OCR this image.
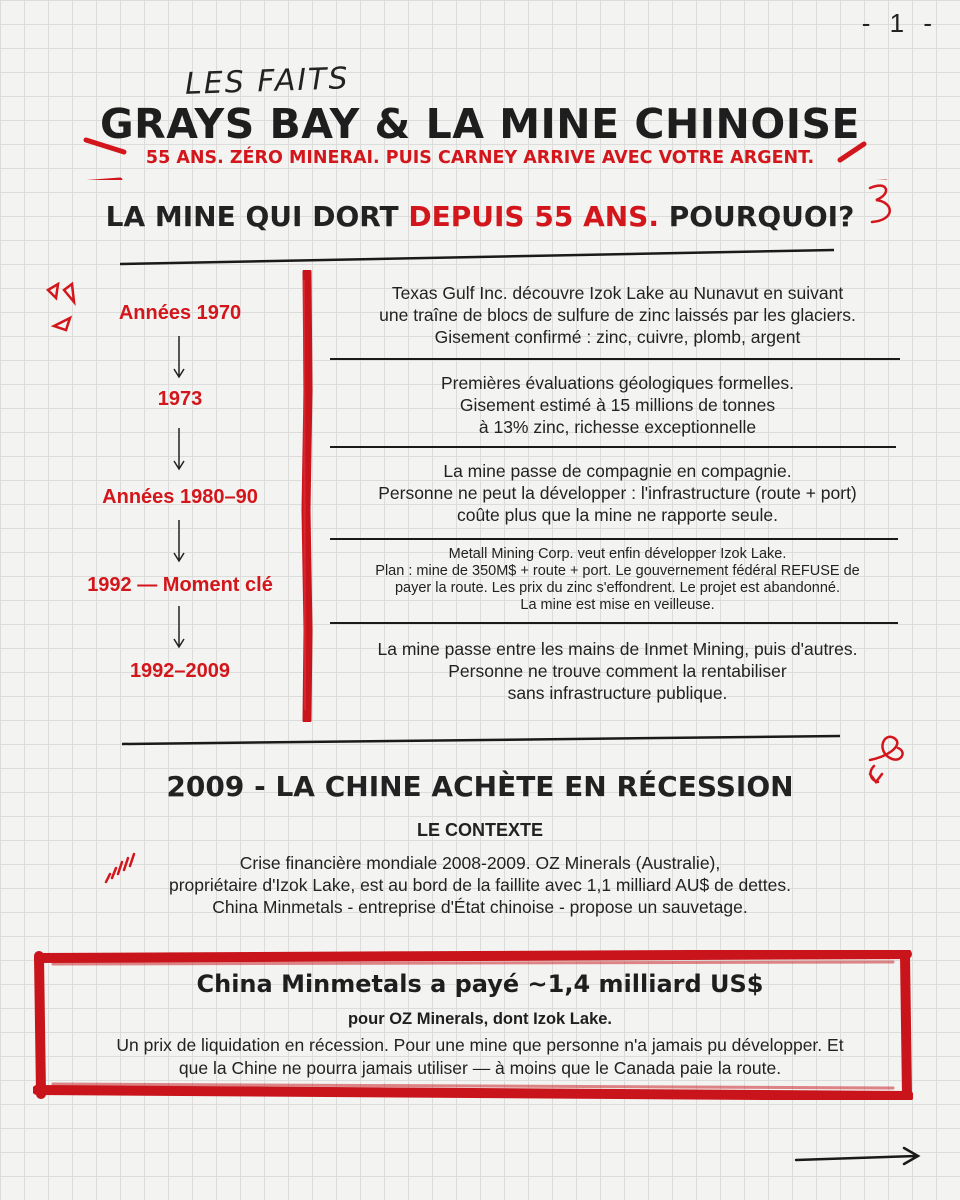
- 1 -
LES FAITS
GRAYS BAY & LA MINE CHINOISE
55 ANS. ZÉRO MINERAI. PUIS CARNEY ARRIVE AVEC VOTRE ARGENT.
LA MINE QUI DORT DEPUIS 55 ANS. POURQUOI?
Années 1970
1973
Années 1980–90
1992 — Moment clé
1992–2009
Texas Gulf Inc. découvre Izok Lake au Nunavut en suivant
une traîne de blocs de sulfure de zinc laissés par les glaciers.
Gisement confirmé : zinc, cuivre, plomb, argent
Premières évaluations géologiques formelles.
Gisement estimé à 15 millions de tonnes
à 13% zinc, richesse exceptionnelle
La mine passe de compagnie en compagnie.
Personne ne peut la développer : l'infrastructure (route + port)
coûte plus que la mine ne rapporte seule.
Metall Mining Corp. veut enfin développer Izok Lake.
Plan : mine de 350M$ + route + port. Le gouvernement fédéral REFUSE de
payer la route. Les prix du zinc s'effondrent. Le projet est abandonné.
La mine est mise en veilleuse.
La mine passe entre les mains de Inmet Mining, puis d'autres.
Personne ne trouve comment la rentabiliser
sans infrastructure publique.
2009 - LA CHINE ACHÈTE EN RÉCESSION
LE CONTEXTE
Crise financière mondiale 2008-2009. OZ Minerals (Australie),
propriétaire d'Izok Lake, est au bord de la faillite avec 1,1 milliard AU$ de dettes.
China Minmetals - entreprise d'État chinoise - propose un sauvetage.
China Minmetals a payé ~1,4 milliard US$
pour OZ Minerals, dont Izok Lake.
Un prix de liquidation en récession. Pour une mine que personne n'a jamais pu développer. Et
que la Chine ne pourra jamais utiliser — à moins que le Canada paie la route.
